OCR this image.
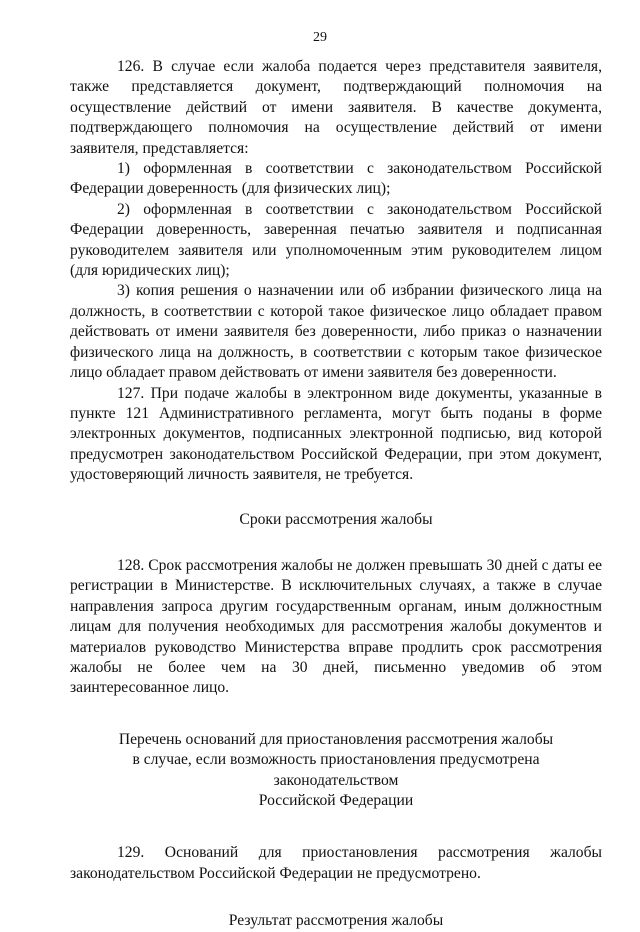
29

126. В случае если жалоба подается через представителя заявителя, также представляется документ, подтверждающий полномочия на осуществление действий от имени заявителя. В качестве документа, подтверждающего полномочия на осуществление действий от имени заявителя, представляется:

1) оформленная в соответствии с законодательством Российской Федерации доверенность (для физических лиц);

2) оформленная в соответствии с законодательством Российской Федерации доверенность, заверенная печатью заявителя и подписанная руководителем заявителя или уполномоченным этим руководителем лицом (для юридических лиц);

3) копия решения о назначении или об избрании физического лица на должность, в соответствии с которой такое физическое лицо обладает правом действовать от имени заявителя без доверенности, либо приказ о назначении физического лица на должность, в соответствии с которым такое физическое лицо обладает правом действовать от имени заявителя без доверенности.

127. При подаче жалобы в электронном виде документы, указанные в пункте 121 Административного регламента, могут быть поданы в форме электронных документов, подписанных электронной подписью, вид которой предусмотрен законодательством Российской Федерации, при этом документ, удостоверяющий личность заявителя, не требуется.

Сроки рассмотрения жалобы

128. Срок рассмотрения жалобы не должен превышать 30 дней с даты ее регистрации в Министерстве. В исключительных случаях, а также в случае направления запроса другим государственным органам, иным должностным лицам для получения необходимых для рассмотрения жалобы документов и материалов руководство Министерства вправе продлить срок рассмотрения жалобы не более чем на 30 дней, письменно уведомив об этом заинтересованное лицо.

Перечень оснований для приостановления рассмотрения жалобы

в случае, если возможность приостановления предусмотрена законодательством

Российской Федерации

129. Оснований для приостановления рассмотрения жалобы законодательством Российской Федерации не предусмотрено.

Результат рассмотрения жалобы
